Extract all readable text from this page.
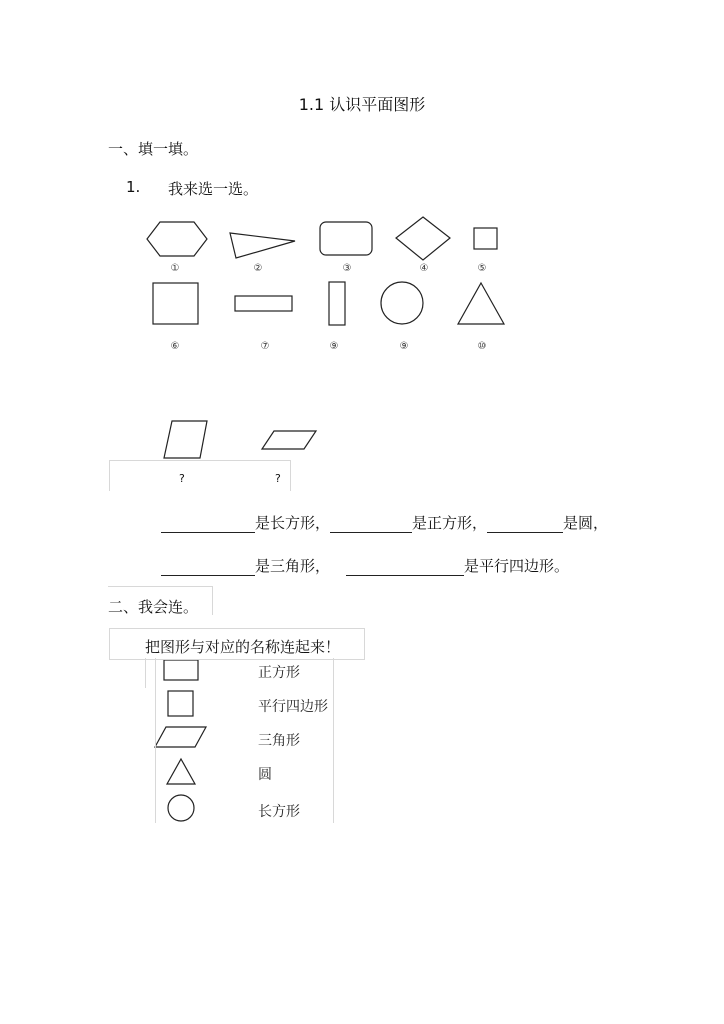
1.1 认识平面图形
一、填一填。
1. 我来选一选。
①	②	③	④	⑤
⑥	⑦	⑨	⑨	⑩
?	?
是长方形，	是正方形，	是圆，
是三角形，	是平行四边形。
二、我会连。
把图形与对应的名称连起来！
正方形
平行四边形
三角形
圆
长方形
